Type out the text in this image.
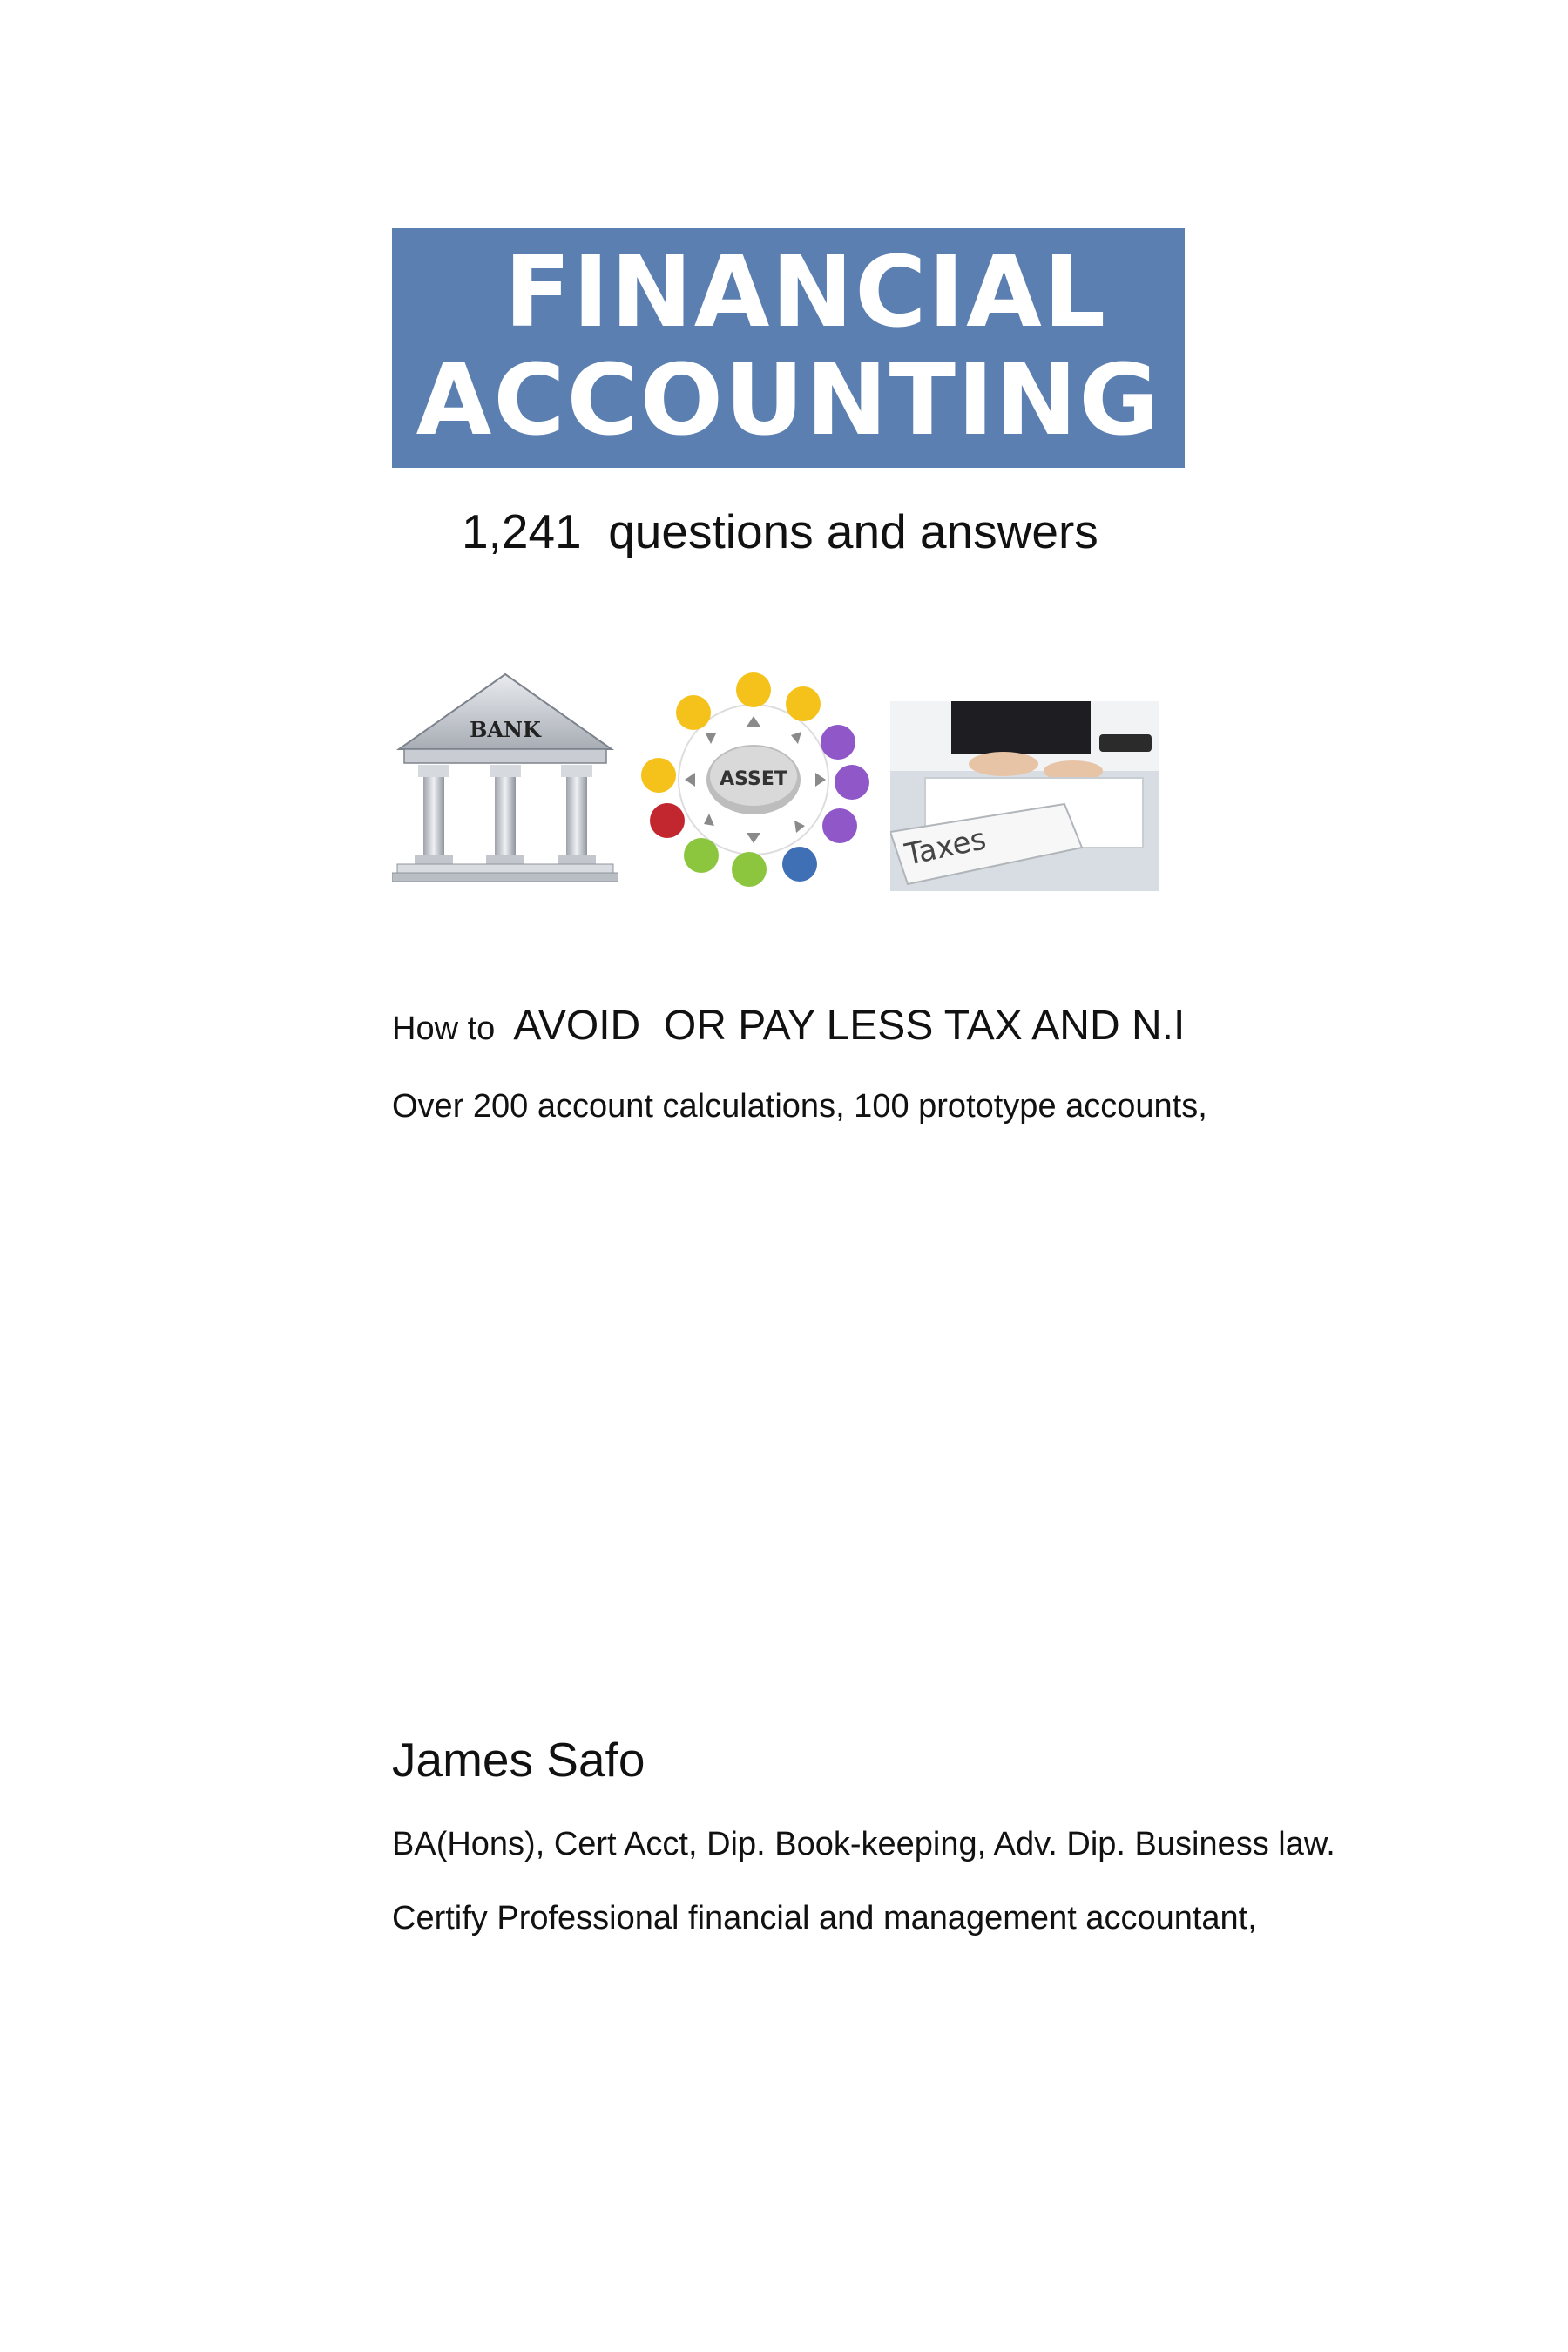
FINANCIAL
ACCOUNTING
1,241  questions and answers
BANK
ASSET
Taxes
How to  AVOID  OR PAY LESS TAX AND N.I
Over 200 account calculations, 100 prototype accounts,
James Safo
BA(Hons), Cert Acct, Dip. Book-keeping, Adv. Dip. Business law.
Certify Professional financial and management accountant,
